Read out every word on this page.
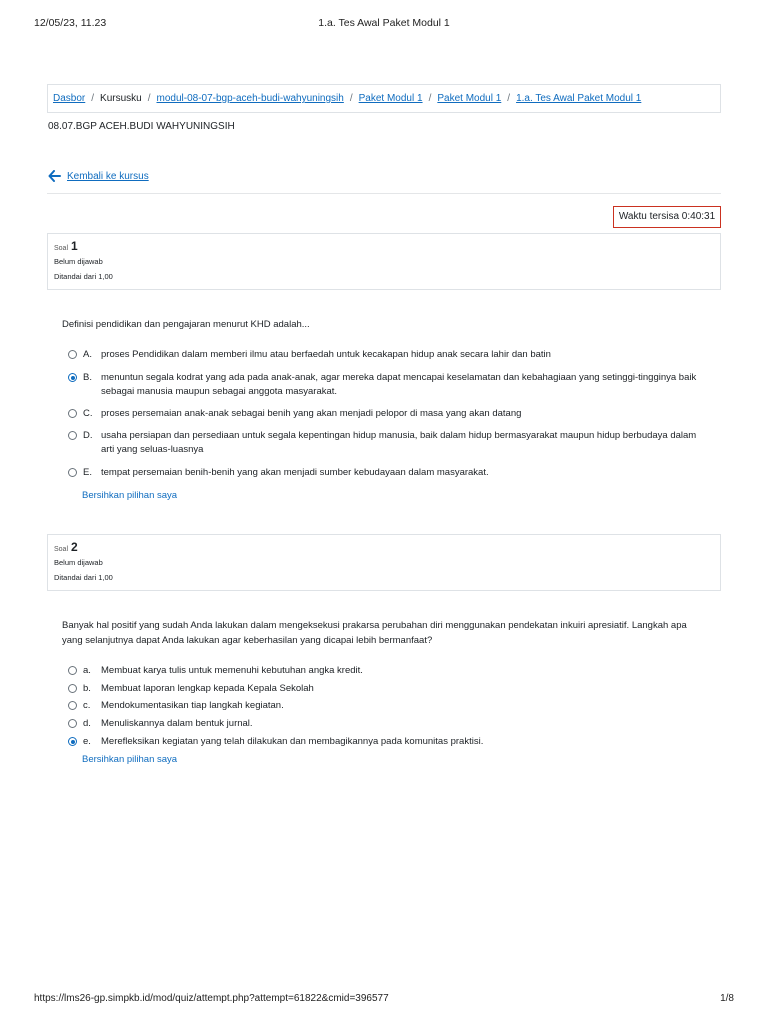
12/05/23, 11.23	1.a. Tes Awal Paket Modul 1
Dasbor / Kursusku / modul-08-07-bgp-aceh-budi-wahyuningsih / Paket Modul 1 / Paket Modul 1 / 1.a. Tes Awal Paket Modul 1
08.07.BGP ACEH.BUDI WAHYUNINGSIH
Kembali ke kursus
Waktu tersisa 0:40:31
Soal 1
Belum dijawab
Ditandai dari 1,00
Definisi pendidikan dan pengajaran menurut KHD adalah...
A. proses Pendidikan dalam memberi ilmu atau berfaedah untuk kecakapan hidup anak secara lahir dan batin
B. menuntun segala kodrat yang ada pada anak-anak, agar mereka dapat mencapai keselamatan dan kebahagiaan yang setinggi-tingginya baik sebagai manusia maupun sebagai anggota masyarakat.
C. proses persemaian anak-anak sebagai benih yang akan menjadi pelopor di masa yang akan datang
D. usaha persiapan dan persediaan untuk segala kepentingan hidup manusia, baik dalam hidup bermasyarakat maupun hidup berbudaya dalam arti yang seluas-luasnya
E. tempat persemaian benih-benih yang akan menjadi sumber kebudayaan dalam masyarakat.
Bersihkan pilihan saya
Soal 2
Belum dijawab
Ditandai dari 1,00
Banyak hal positif yang sudah Anda lakukan dalam mengeksekusi prakarsa perubahan diri menggunakan pendekatan inkuiri apresiatif. Langkah apa yang selanjutnya dapat Anda lakukan agar keberhasilan yang dicapai lebih bermanfaat?
a.	Membuat karya tulis untuk memenuhi kebutuhan angka kredit.
b.	Membuat laporan lengkap kepada Kepala Sekolah
c.	Mendokumentasikan tiap langkah kegiatan.
d.	Menuliskannya dalam bentuk jurnal.
e.	Merefleksikan kegiatan yang telah dilakukan dan membagikannya pada komunitas praktisi.
Bersihkan pilihan saya
https://lms26-gp.simpkb.id/mod/quiz/attempt.php?attempt=61822&cmid=396577	1/8
